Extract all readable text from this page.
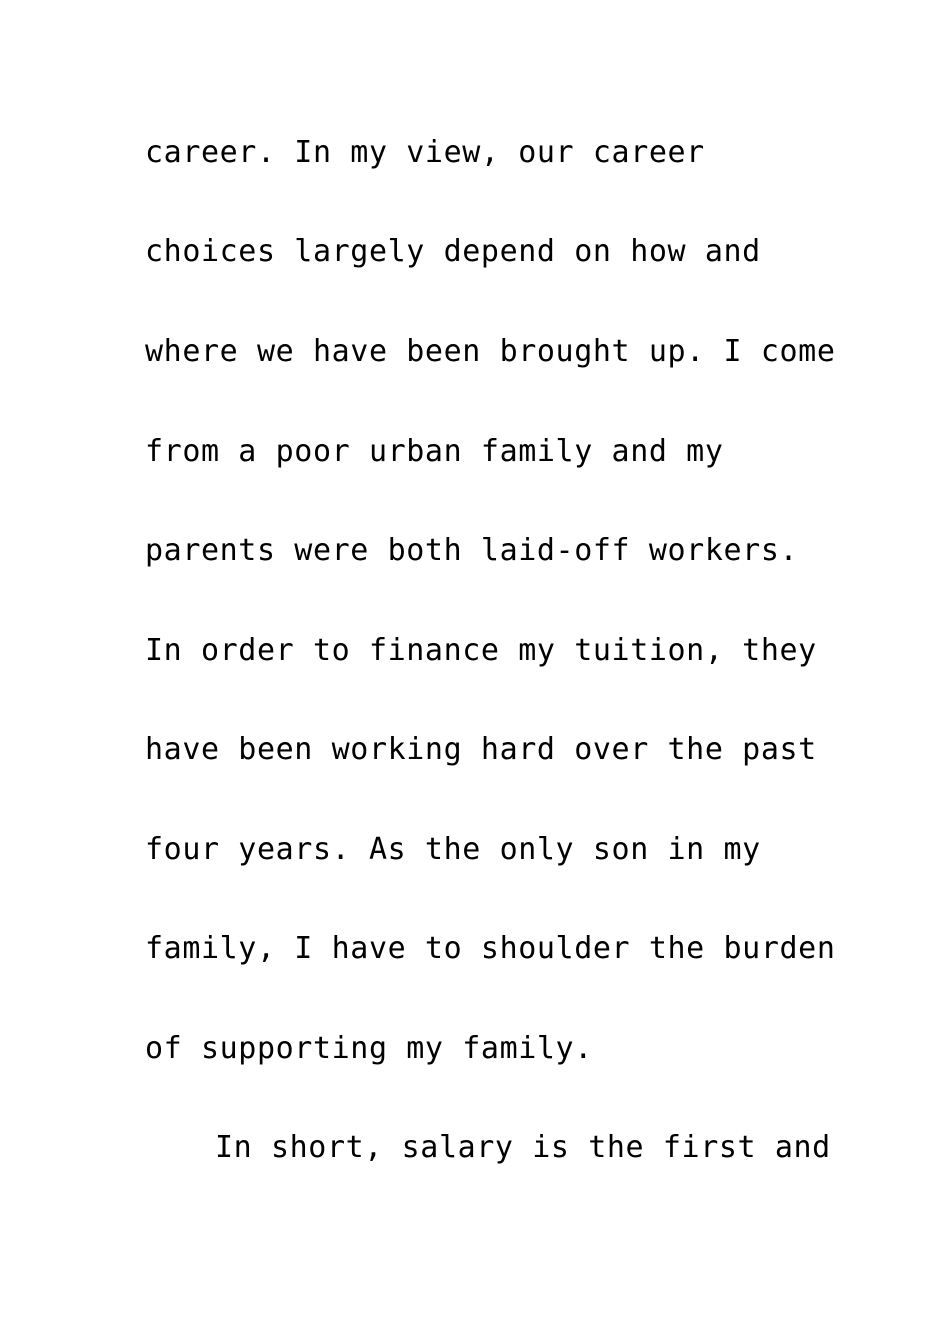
career. In my view, our career
choices largely depend on how and
where we have been brought up. I come
from a poor urban family and my
parents were both laid-off workers.
In order to finance my tuition, they
have been working hard over the past
four years. As the only son in my
family, I have to shoulder the burden
of supporting my family.
In short, salary is the first and
